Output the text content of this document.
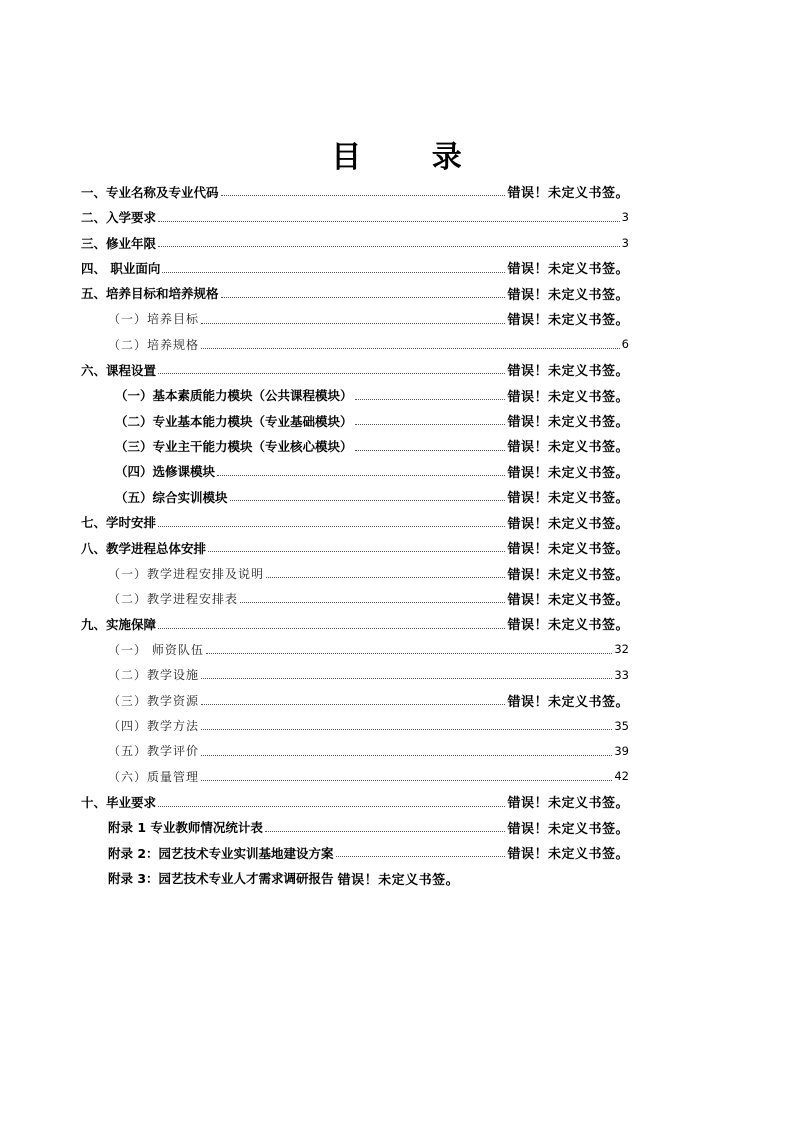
目 录
一、专业名称及专业代码	错误！未定义书签。
二、入学要求	3
三、修业年限	3
四、 职业面向	错误！未定义书签。
五、培养目标和培养规格	错误！未定义书签。
（一）培养目标	错误！未定义书签。
（二）培养规格	6
六、课程设置	错误！未定义书签。
（一）基本素质能力模块（公共课程模块）	错误！未定义书签。
（二）专业基本能力模块（专业基础模块）	错误！未定义书签。
（三）专业主干能力模块（专业核心模块）	错误！未定义书签。
（四）选修课模块	错误！未定义书签。
（五）综合实训模块	错误！未定义书签。
七、学时安排	错误！未定义书签。
八、教学进程总体安排	错误！未定义书签。
（一）教学进程安排及说明	错误！未定义书签。
（二）教学进程安排表	错误！未定义书签。
九、实施保障	错误！未定义书签。
（一） 师资队伍	32
（二）教学设施	33
（三）教学资源	错误！未定义书签。
（四）教学方法	35
（五）教学评价	39
（六）质量管理	42
十、毕业要求	错误！未定义书签。
附录 1 专业教师情况统计表	错误！未定义书签。
附录 2：园艺技术专业实训基地建设方案	错误！未定义书签。
附录 3：园艺技术专业人才需求调研报告 错误！未定义书签。
